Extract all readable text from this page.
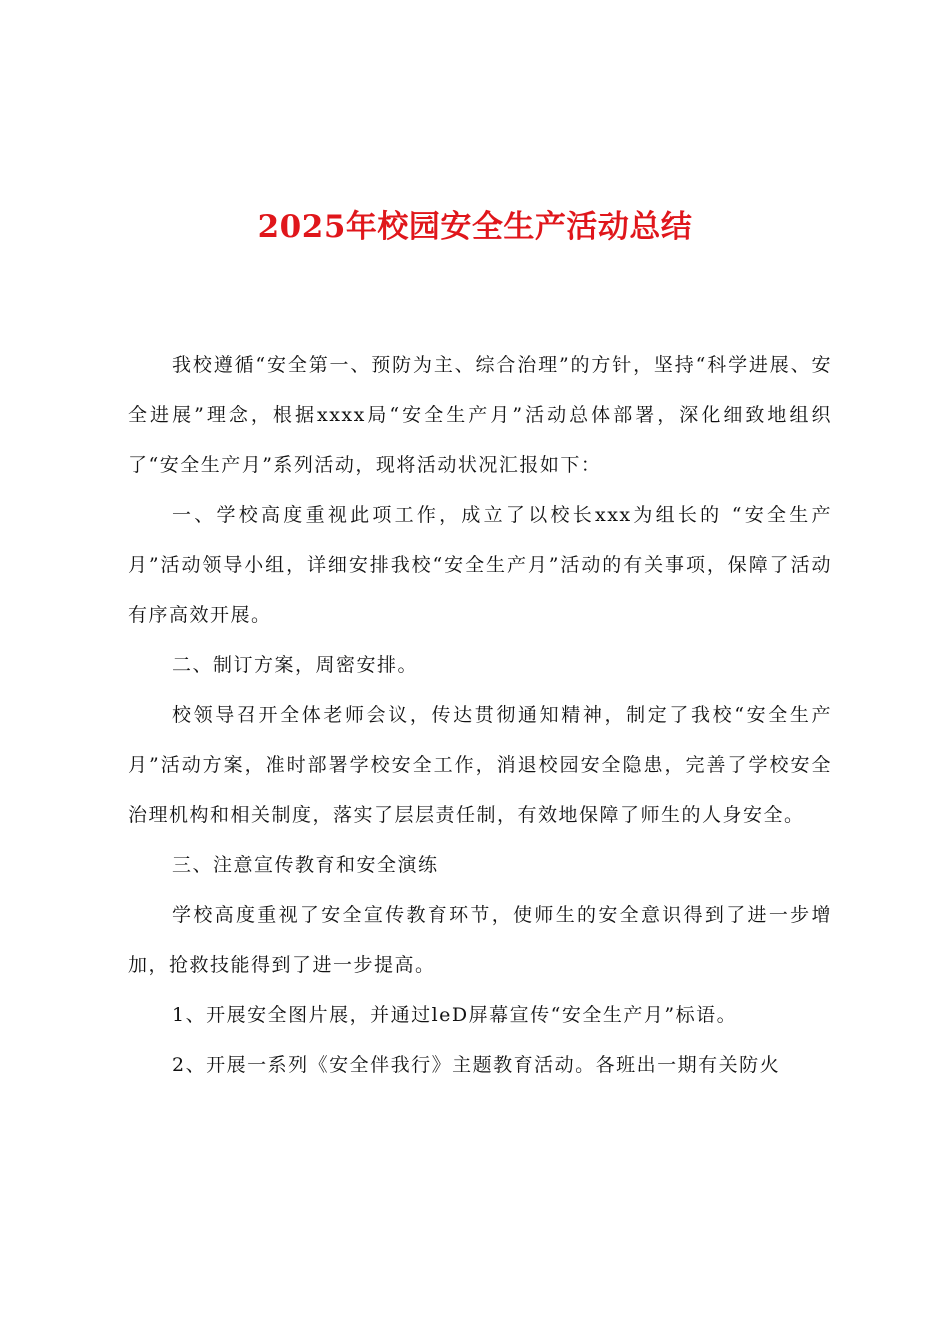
2025年校园安全生产活动总结

我校遵循“安全第一、预防为主、综合治理”的方针，坚持“科学进展、安全进展”理念，根据xxxx局“安全生产月”活动总体部署，深化细致地组织了“安全生产月”系列活动，现将活动状况汇报如下：

一、学校高度重视此项工作，成立了以校长xxx为组长的 “安全生产月”活动领导小组，详细安排我校“安全生产月”活动的有关事项，保障了活动有序高效开展。

二、制订方案，周密安排。

校领导召开全体老师会议，传达贯彻通知精神，制定了我校“安全生产月”活动方案，准时部署学校安全工作，消退校园安全隐患，完善了学校安全治理机构和相关制度，落实了层层责任制，有效地保障了师生的人身安全。

三、注意宣传教育和安全演练

学校高度重视了安全宣传教育环节，使师生的安全意识得到了进一步增加，抢救技能得到了进一步提高。

1、开展安全图片展，并通过leD屏幕宣传“安全生产月”标语。

2、开展一系列《安全伴我行》主题教育活动。各班出一期有关防火
